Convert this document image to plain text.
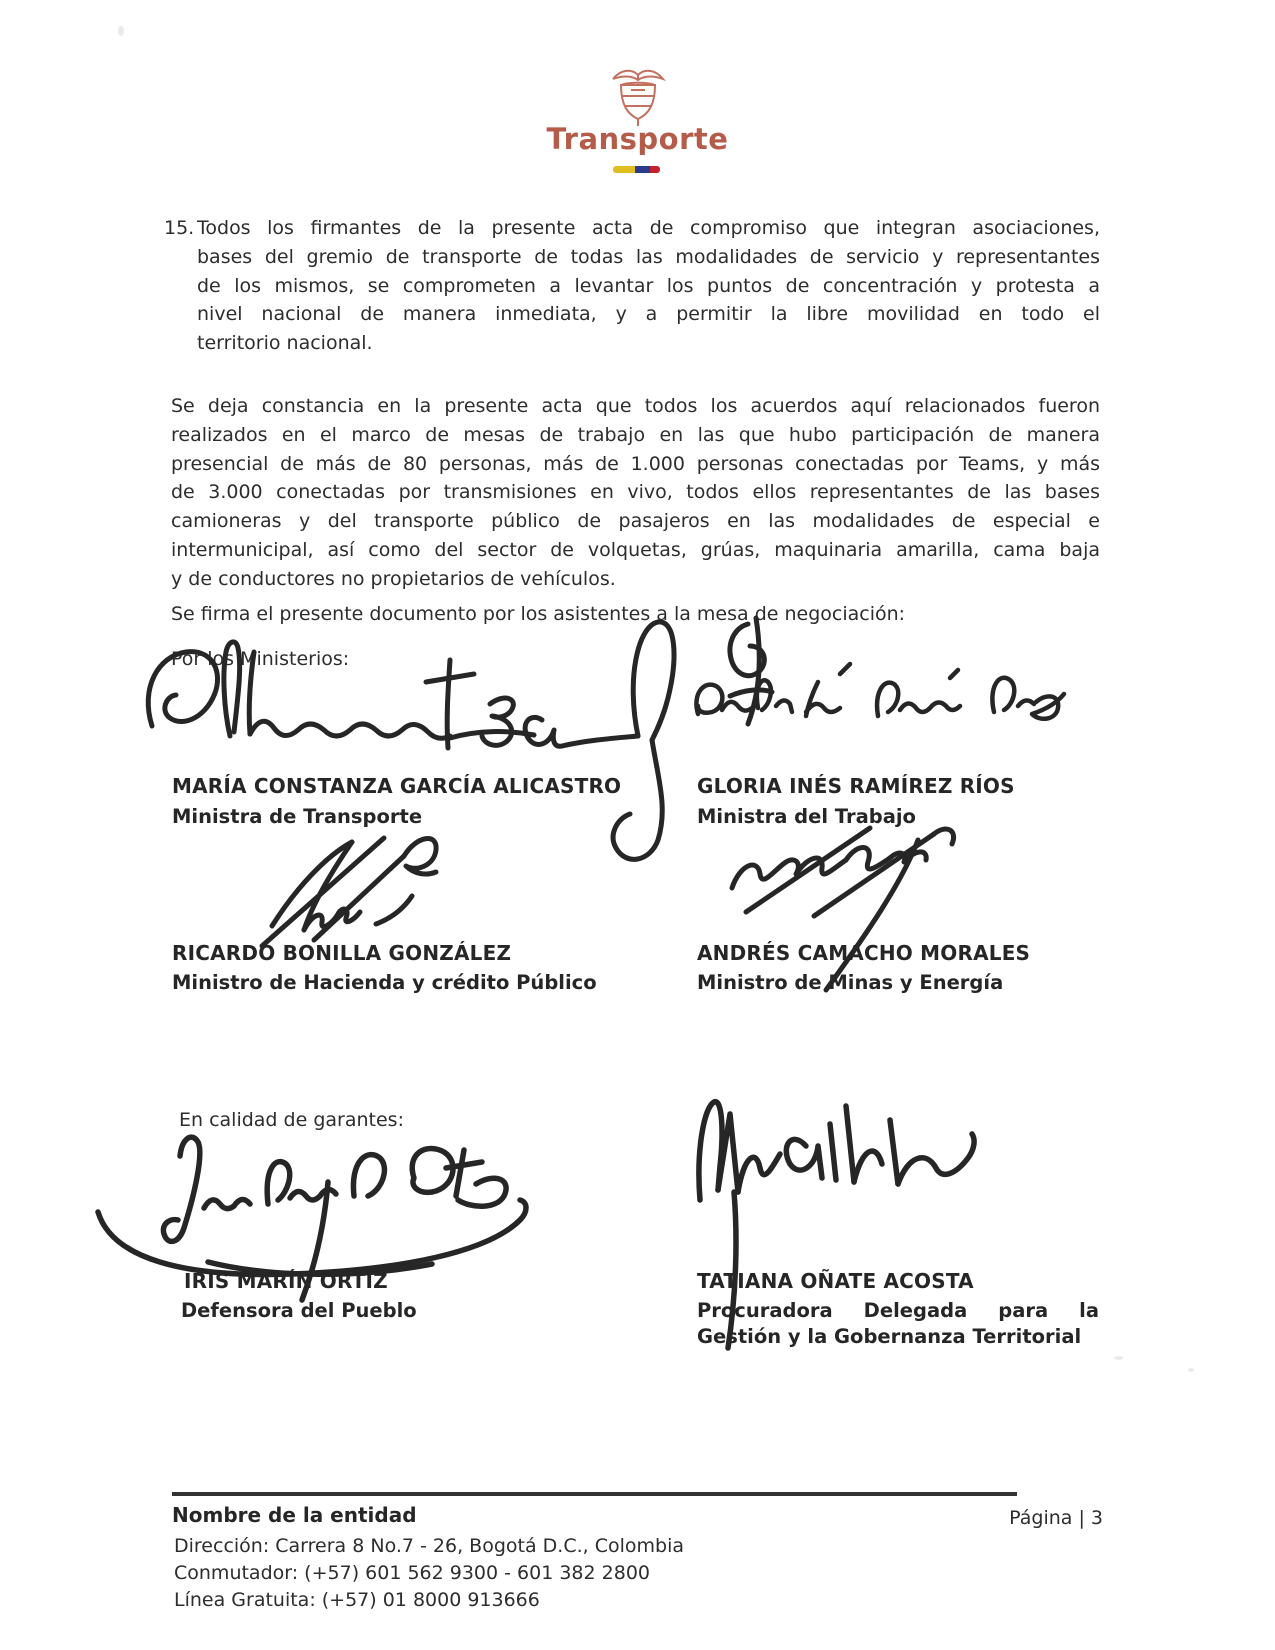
Transporte
15. Todos los firmantes de la presente acta de compromiso que integran asociaciones,
bases del gremio de transporte de todas las modalidades de servicio y representantes
de los mismos, se comprometen a levantar los puntos de concentración y protesta a
nivel nacional de manera inmediata, y a permitir la libre movilidad en todo el
territorio nacional.
Se deja constancia en la presente acta que todos los acuerdos aquí relacionados fueron
realizados en el marco de mesas de trabajo en las que hubo participación de manera
presencial de más de 80 personas, más de 1.000 personas conectadas por Teams, y más
de 3.000 conectadas por transmisiones en vivo, todos ellos representantes de las bases
camioneras y del transporte público de pasajeros en las modalidades de especial e
intermunicipal, así como del sector de volquetas, grúas, maquinaria amarilla, cama baja
y de conductores no propietarios de vehículos.
Se firma el presente documento por los asistentes a la mesa de negociación:
Por los Ministerios:
MARÍA CONSTANZA GARCÍA ALICASTRO
Ministra de Transporte
GLORIA INÉS RAMÍREZ RÍOS
Ministra del Trabajo
RICARDO BONILLA GONZÁLEZ
Ministro de Hacienda y crédito Público
ANDRÉS CAMACHO MORALES
Ministro de Minas y Energía
En calidad de garantes:
IRIS MARÍN ORTIZ
Defensora del Pueblo
TATIANA OÑATE ACOSTA
Procuradora Delegada para la
Gestión y la Gobernanza Territorial
Nombre de la entidad	Página | 3
Dirección: Carrera 8 No.7 - 26, Bogotá D.C., Colombia
Conmutador: (+57) 601 562 9300 - 601 382 2800
Línea Gratuita: (+57) 01 8000 913666
